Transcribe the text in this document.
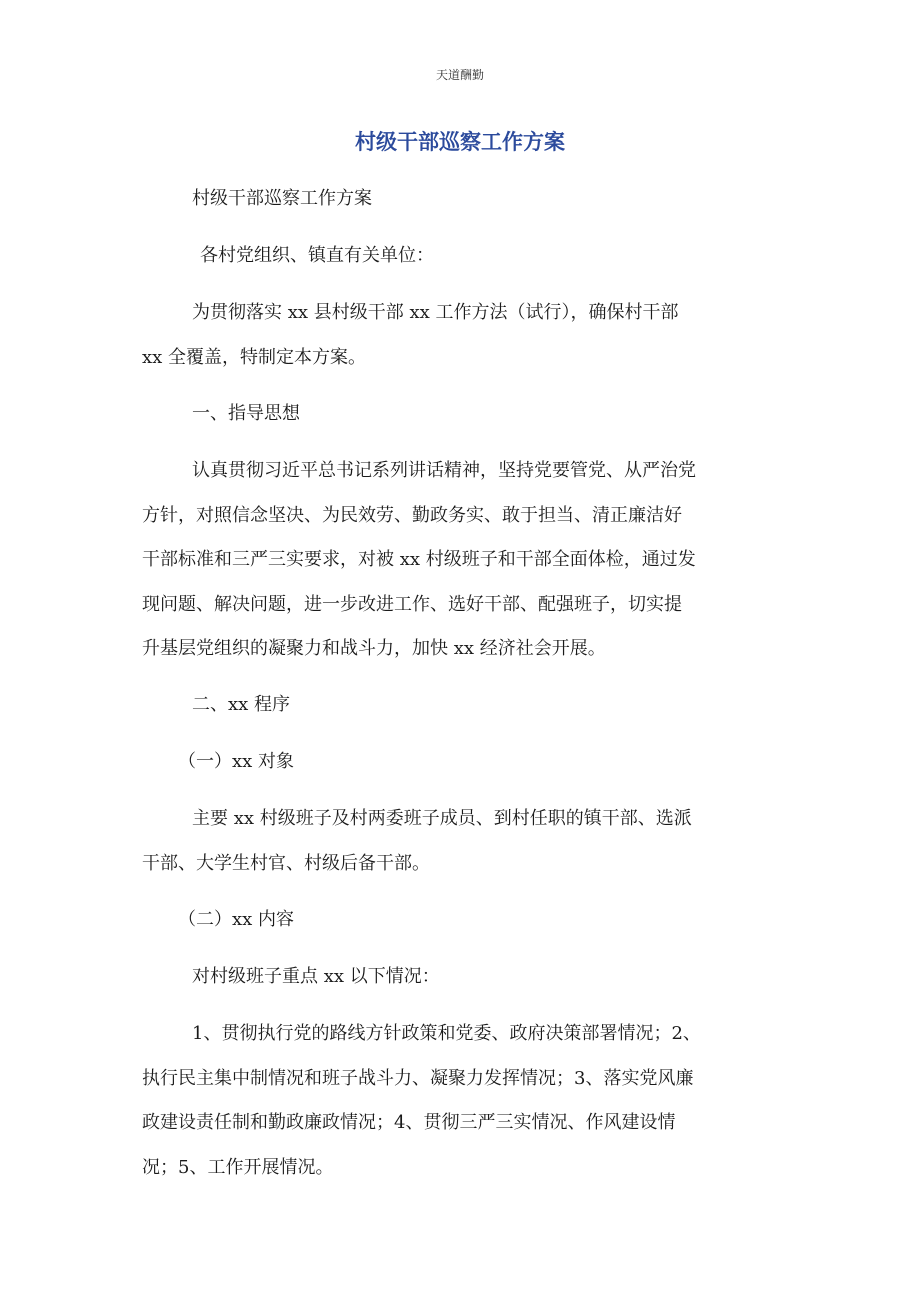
天道酬勤
村级干部巡察工作方案
村级干部巡察工作方案
各村党组织、镇直有关单位：
为贯彻落实 xx 县村级干部 xx 工作方法（试行），确保村干部
xx 全覆盖，特制定本方案。
一、指导思想
认真贯彻习近平总书记系列讲话精神，坚持党要管党、从严治党
方针，对照信念坚决、为民效劳、勤政务实、敢于担当、清正廉洁好
干部标准和三严三实要求，对被 xx 村级班子和干部全面体检，通过发
现问题、解决问题，进一步改进工作、选好干部、配强班子，切实提
升基层党组织的凝聚力和战斗力，加快 xx 经济社会开展。
二、xx 程序
（一）xx 对象
主要 xx 村级班子及村两委班子成员、到村任职的镇干部、选派
干部、大学生村官、村级后备干部。
（二）xx 内容
对村级班子重点 xx 以下情况：
1、贯彻执行党的路线方针政策和党委、政府决策部署情况；2、
执行民主集中制情况和班子战斗力、凝聚力发挥情况；3、落实党风廉
政建设责任制和勤政廉政情况；4、贯彻三严三实情况、作风建设情
况；5、工作开展情况。
